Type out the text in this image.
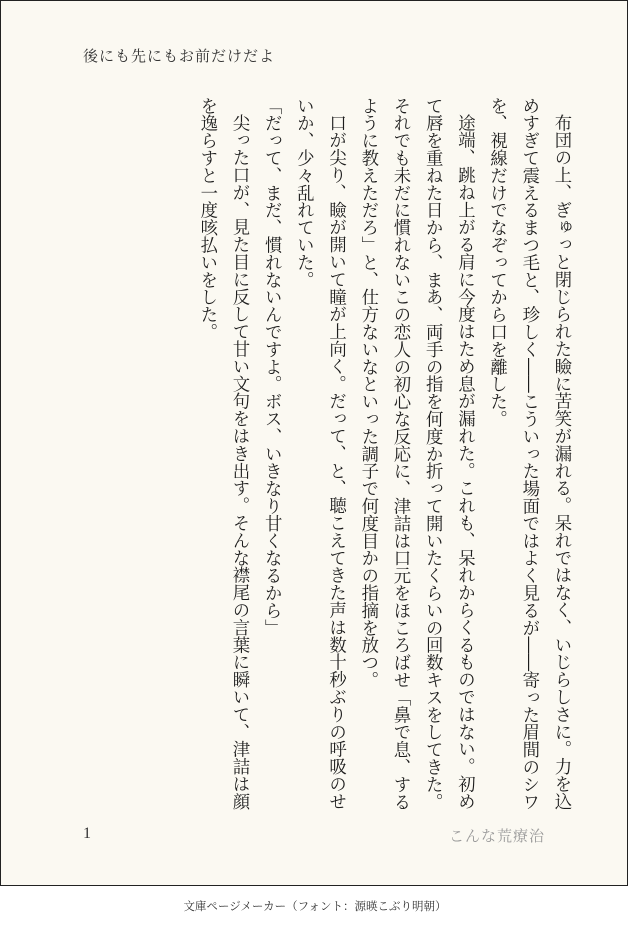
後にも先にもお前だけだよ

布団の上、ぎゅっと閉じられた瞼に苦笑が漏れる。呆れではなく、いじらしさに。力を込めすぎて震えるまつ毛と、珍しく――こういった場面ではよく見るが――寄った眉間のシワを、視線だけでなぞってから口を離した。

途端、跳ね上がる肩に今度はため息が漏れた。これも、呆れからくるものではない。初めて唇を重ねた日から、まあ、両手の指を何度か折って開いたくらいの回数キスをしてきた。それでも未だに慣れないこの恋人の初心な反応に、津詰は口元をほころばせ「鼻で息、するように教えただろ」と、仕方ないなといった調子で何度目かの指摘を放つ。

口が尖り、瞼が開いて瞳が上向く。だって、と、聴こえてきた声は数十秒ぶりの呼吸のせいか、少々乱れていた。

「だって、まだ、慣れないんですよ。ボス、いきなり甘くなるから」

尖った口が、見た目に反して甘い文句をはき出す。そんな襟尾の言葉に瞬いて、津詰は顔を逸らすと一度咳払いをした。

1	こんな荒療治
文庫ページメーカー（フォント：源暎こぶり明朝）
